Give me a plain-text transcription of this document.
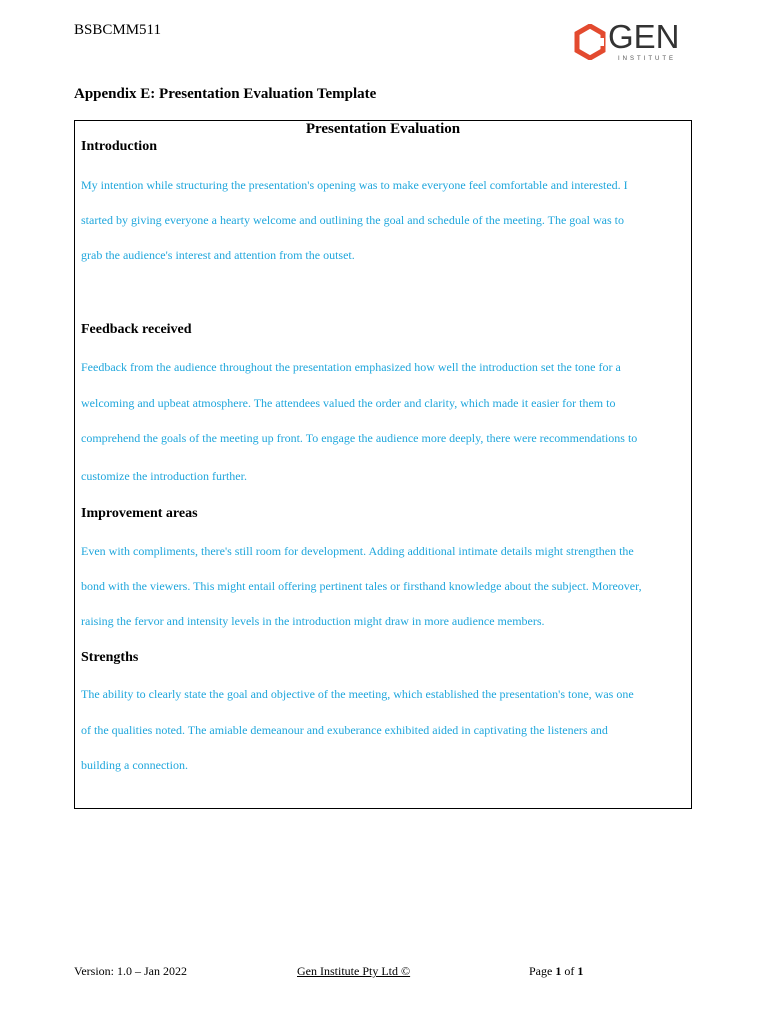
BSBCMM511	GEN
INSTITUTE
Appendix E: Presentation Evaluation Template
Presentation Evaluation
Introduction
My intention while structuring the presentation's opening was to make everyone feel comfortable and interested. I
started by giving everyone a hearty welcome and outlining the goal and schedule of the meeting. The goal was to
grab the audience's interest and attention from the outset.
Feedback received
Feedback from the audience throughout the presentation emphasized how well the introduction set the tone for a
welcoming and upbeat atmosphere. The attendees valued the order and clarity, which made it easier for them to
comprehend the goals of the meeting up front. To engage the audience more deeply, there were recommendations to
customize the introduction further.
Improvement areas
Even with compliments, there's still room for development. Adding additional intimate details might strengthen the
bond with the viewers. This might entail offering pertinent tales or firsthand knowledge about the subject. Moreover,
raising the fervor and intensity levels in the introduction might draw in more audience members.
Strengths
The ability to clearly state the goal and objective of the meeting, which established the presentation's tone, was one
of the qualities noted. The amiable demeanour and exuberance exhibited aided in captivating the listeners and
building a connection.
Version: 1.0 – Jan 2022	Gen Institute Pty Ltd ©	Page 1 of 1
